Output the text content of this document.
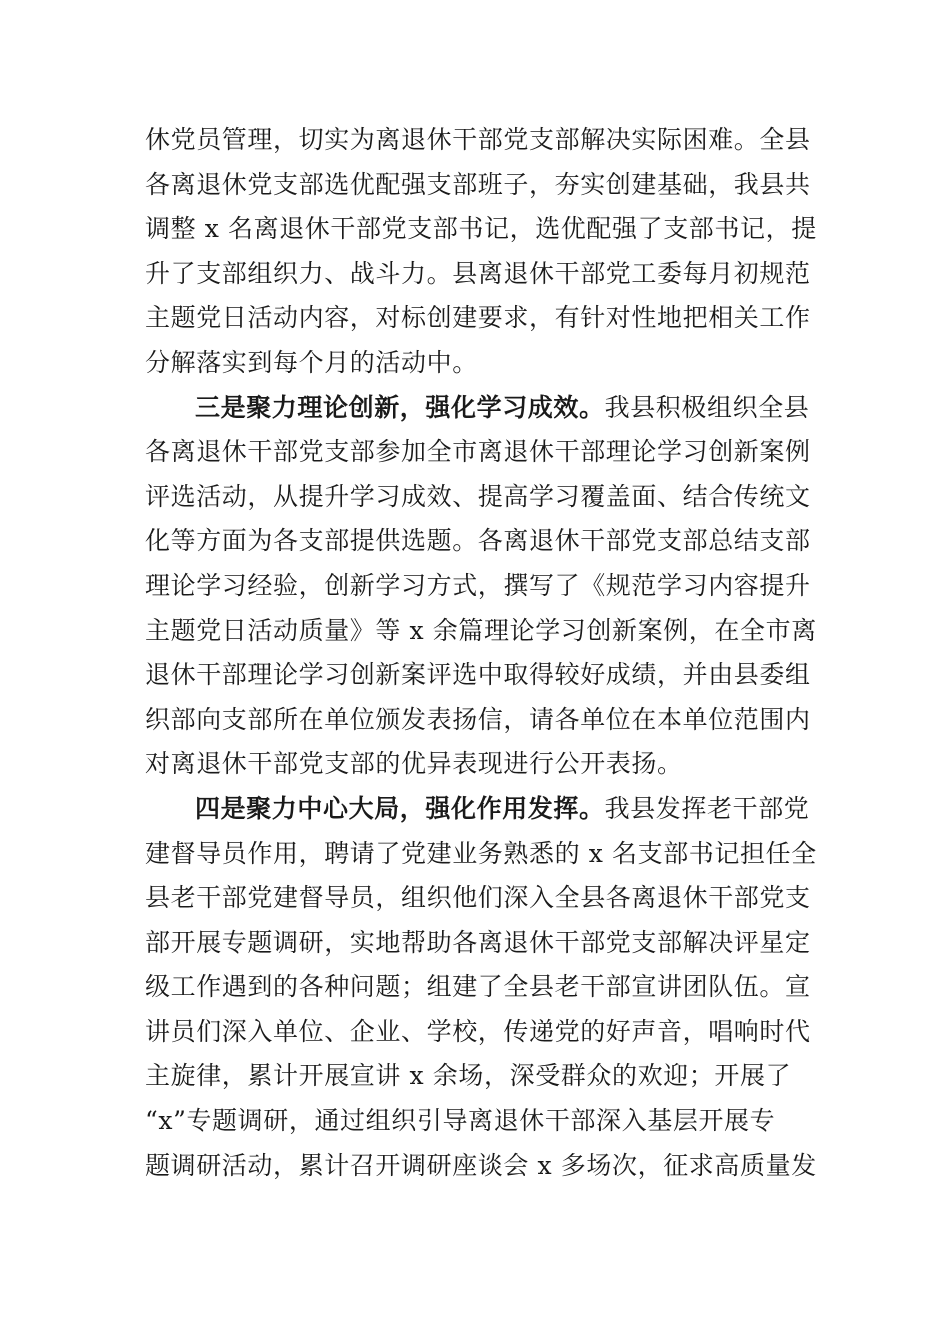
休党员管理，切实为离退休干部党支部解决实际困难。全县
各离退休党支部选优配强支部班子，夯实创建基础，我县共
调整 x 名离退休干部党支部书记，选优配强了支部书记，提
升了支部组织力、战斗力。县离退休干部党工委每月初规范
主题党日活动内容，对标创建要求，有针对性地把相关工作
分解落实到每个月的活动中。
三是聚力理论创新，强化学习成效。我县积极组织全县
各离退休干部党支部参加全市离退休干部理论学习创新案例
评选活动，从提升学习成效、提高学习覆盖面、结合传统文
化等方面为各支部提供选题。各离退休干部党支部总结支部
理论学习经验，创新学习方式，撰写了《规范学习内容提升
主题党日活动质量》等 x 余篇理论学习创新案例，在全市离
退休干部理论学习创新案评选中取得较好成绩，并由县委组
织部向支部所在单位颁发表扬信，请各单位在本单位范围内
对离退休干部党支部的优异表现进行公开表扬。
四是聚力中心大局，强化作用发挥。我县发挥老干部党
建督导员作用，聘请了党建业务熟悉的 x 名支部书记担任全
县老干部党建督导员，组织他们深入全县各离退休干部党支
部开展专题调研，实地帮助各离退休干部党支部解决评星定
级工作遇到的各种问题；组建了全县老干部宣讲团队伍。宣
讲员们深入单位、企业、学校，传递党的好声音，唱响时代
主旋律，累计开展宣讲 x 余场，深受群众的欢迎；开展了
“x”专题调研，通过组织引导离退休干部深入基层开展专
题调研活动，累计召开调研座谈会 x 多场次，征求高质量发
